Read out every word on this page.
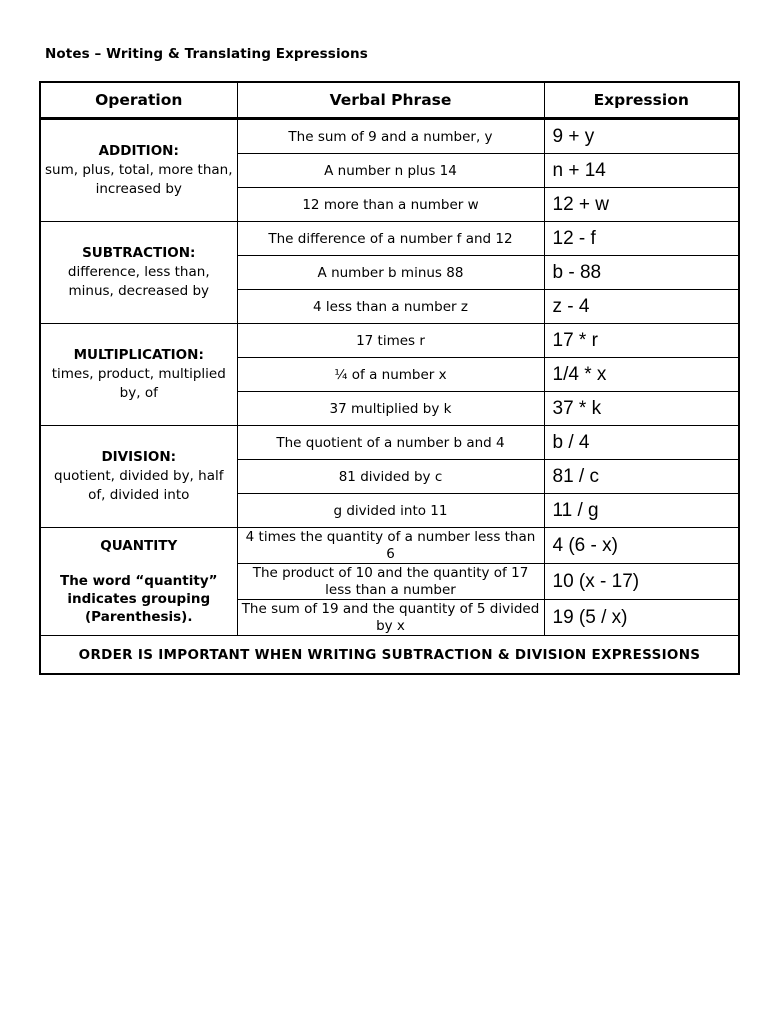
Notes – Writing & Translating Expressions
Operation	Verbal Phrase	Expression

ADDITION:
sum, plus, total, more than, increased by	The sum of 9 and a number, y	9 + y
	A number n plus 14	n + 14
	12 more than a number w	12 + w

SUBTRACTION:
difference, less than, minus, decreased by	The difference of a number f and 12	12 - f
	A number b minus 88	b - 88
	4 less than a number z	z - 4

MULTIPLICATION:
times, product, multiplied by, of	17 times r	17 * r
	¼ of a number x	1/4 * x
	37 multiplied by k	37 * k

DIVISION:
quotient, divided by, half of, divided into	The quotient of a number b and 4	b / 4
	81 divided by c	81 / c
	g divided into 11	11 / g

QUANTITY
The word “quantity” indicates grouping (Parenthesis).	4 times the quantity of a number less than 6	4 (6 - x)
	The product of 10 and the quantity of 17 less than a number	10 (x - 17)
	The sum of 19 and the quantity of 5 divided by x	19 (5 / x)
ORDER IS IMPORTANT WHEN WRITING SUBTRACTION & DIVISION EXPRESSIONS		
